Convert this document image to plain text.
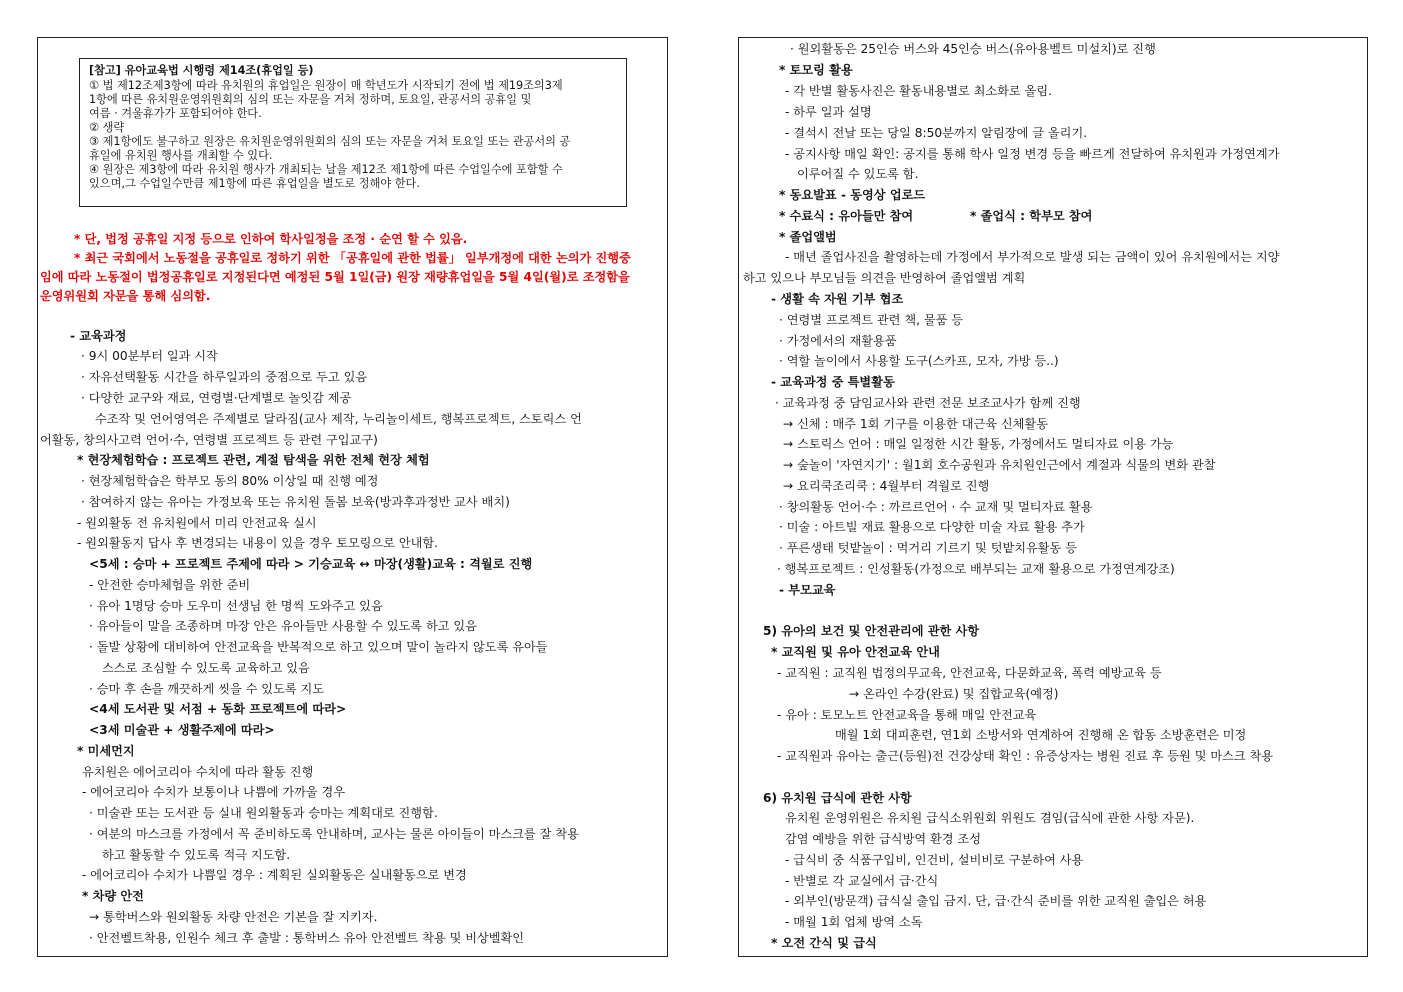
[참고] 유아교육법 시행령 제14조(휴업일 등)
① 법 제12조제3항에 따라 유치원의 휴업일은 원장이 매 학년도가 시작되기 전에 법 제19조의3제
1항에 따른 유치원운영위원회의 심의 또는 자문을 거쳐 정하며, 토요일, 관공서의 공휴일 및
여름 · 겨울휴가가 포함되어야 한다.
② 생략
③ 제1항에도 불구하고 원장은 유치원운영위원회의 심의 또는 자문을 거쳐 토요일 또는 관공서의 공
휴일에 유치원 행사를 개최할 수 있다.
④ 원장은 제3항에 따라 유치원 행사가 개최되는 날을 제12조 제1항에 따른 수업일수에 포함할 수
있으며,그 수업일수만큼 제1항에 따른 휴업일을 별도로 정해야 한다.
* 단, 법정 공휴일 지정 등으로 인하여 학사일정을 조정 · 순연 할 수 있음.
* 최근 국회에서 노동절을 공휴일로 정하기 위한 「공휴일에 관한 법률」 일부개정에 대한 논의가 진행중
임에 따라 노동절이 법정공휴일로 지정된다면 예정된 5월 1일(금) 원장 재량휴업일을 5월 4일(월)로 조정함을
운영위원회 자문을 통해 심의함.
- 교육과정
· 9시 00분부터 일과 시작
· 자유선택활동 시간을 하루일과의 중점으로 두고 있음
· 다양한 교구와 재료, 연령별·단계별로 놀잇감 제공
수조작 및 언어영역은 주제별로 달라짐(교사 제작, 누리놀이세트, 행복프로젝트, 스토릭스 언
어활동, 창의사고력 언어·수, 연령별 프로젝트 등 관련 구입교구)
* 현장체험학습 : 프로젝트 관련, 계절 탐색을 위한 전체 현장 체험
· 현장체험학습은 학부모 동의 80% 이상일 때 진행 예정
· 참여하지 않는 유아는 가정보육 또는 유치원 돌봄 보육(방과후과정반 교사 배치)
- 원외활동 전 유치원에서 미리 안전교육 실시
- 원외활동지 답사 후 변경되는 내용이 있을 경우 토모링으로 안내함.
<5세 : 승마 + 프로젝트 주제에 따라 > 기승교육 ↔ 마장(생활)교육 : 격월로 진행
- 안전한 승마체험을 위한 준비
· 유아 1명당 승마 도우미 선생님 한 명씩 도와주고 있음
· 유아들이 말을 조종하며 마장 안은 유아들만 사용할 수 있도록 하고 있음
· 돌발 상황에 대비하여 안전교육을 반복적으로 하고 있으며 말이 놀라지 않도록 유아들
스스로 조심할 수 있도록 교육하고 있음
· 승마 후 손을 깨끗하게 씻을 수 있도록 지도
<4세 도서관 및 서점 + 동화 프로젝트에 따라>
<3세 미술관 + 생활주제에 따라>
* 미세먼지
유치원은 에어코리아 수치에 따라 활동 진행
- 에어코리아 수치가 보통이나 나쁨에 가까울 경우
· 미술관 또는 도서관 등 실내 원외활동과 승마는 계획대로 진행함.
· 여분의 마스크를 가정에서 꼭 준비하도록 안내하며, 교사는 물론 아이들이 마스크를 잘 착용
하고 활동할 수 있도록 적극 지도함.
- 에어코리아 수치가 나쁨일 경우 : 계획된 실외활동은 실내활동으로 변경
* 차량 안전
→ 통학버스와 원외활동 차량 안전은 기본을 잘 지키자.
· 안전벨트착용, 인원수 체크 후 출발 : 통학버스 유아 안전벨트 착용 및 비상벨확인
· 원외활동은 25인승 버스와 45인승 버스(유아용벨트 미설치)로 진행
* 토모링 활용
- 각 반별 활동사진은 활동내용별로 최소화로 올림.
- 하루 일과 설명
- 결석시 전날 또는 당일 8:50분까지 알림장에 글 올리기.
- 공지사항 매일 확인: 공지를 통해 학사 일정 변경 등을 빠르게 전달하여 유치원과 가정연계가
이루어질 수 있도록 함.
* 동요발표 - 동영상 업로드
* 수료식 : 유아들만 참여	* 졸업식 : 학부모 참여
* 졸업앨범
- 매년 졸업사진을 촬영하는데 가정에서 부가적으로 발생 되는 금액이 있어 유치원에서는 지양
하고 있으나 부모님들 의견을 반영하여 졸업앨범 계획
- 생활 속 자원 기부 협조
· 연령별 프로젝트 관련 책, 물품 등
· 가정에서의 재활용품
· 역할 놀이에서 사용할 도구(스카프, 모자, 가방 등..)
- 교육과정 중 특별활동
· 교육과정 중 담임교사와 관련 전문 보조교사가 함께 진행
→ 신체 : 매주 1회 기구를 이용한 대근육 신체활동
→ 스토릭스 언어 : 매일 일정한 시간 활동, 가정에서도 멀티자료 이용 가능
→ 숲놀이 '자연지기' : 월1회 호수공원과 유치원인근에서 계절과 식물의 변화 관찰
→ 요리쿡조리쿡 : 4월부터 격월로 진행
· 창의활동 언어·수 : 까르르언어 · 수 교재 및 멀티자료 활용
· 미술 : 아트빌 재료 활용으로 다양한 미술 자료 활용 추가
· 푸른생태 텃밭놀이 : 먹거리 기르기 및 텃밭치유활동 등
· 행복프로젝트 : 인성활동(가정으로 배부되는 교재 활용으로 가정연계강조)
- 부모교육
5) 유아의 보건 및 안전관리에 관한 사항
* 교직원 및 유아 안전교육 안내
- 교직원 : 교직원 법정의무교육, 안전교육, 다문화교육, 폭력 예방교육 등
→ 온라인 수강(완료) 및 집합교육(예정)
- 유아 : 토모노트 안전교육을 통해 매일 안전교육
매월 1회 대피훈련, 연1회 소방서와 연계하여 진행해 온 합동 소방훈련은 미정
- 교직원과 유아는 출근(등원)전 건강상태 확인 : 유증상자는 병원 진료 후 등원 및 마스크 착용
6) 유치원 급식에 관한 사항
유치원 운영위원은 유치원 급식소위원회 위원도 겸임(급식에 관한 사항 자문).
감염 예방을 위한 급식방역 환경 조성
- 급식비 중 식품구입비, 인건비, 설비비로 구분하여 사용
- 반별로 각 교실에서 급·간식
- 외부인(방문객) 급식실 출입 금지. 단, 급·간식 준비를 위한 교직원 출입은 허용
- 매월 1회 업체 방역 소독
* 오전 간식 및 급식
